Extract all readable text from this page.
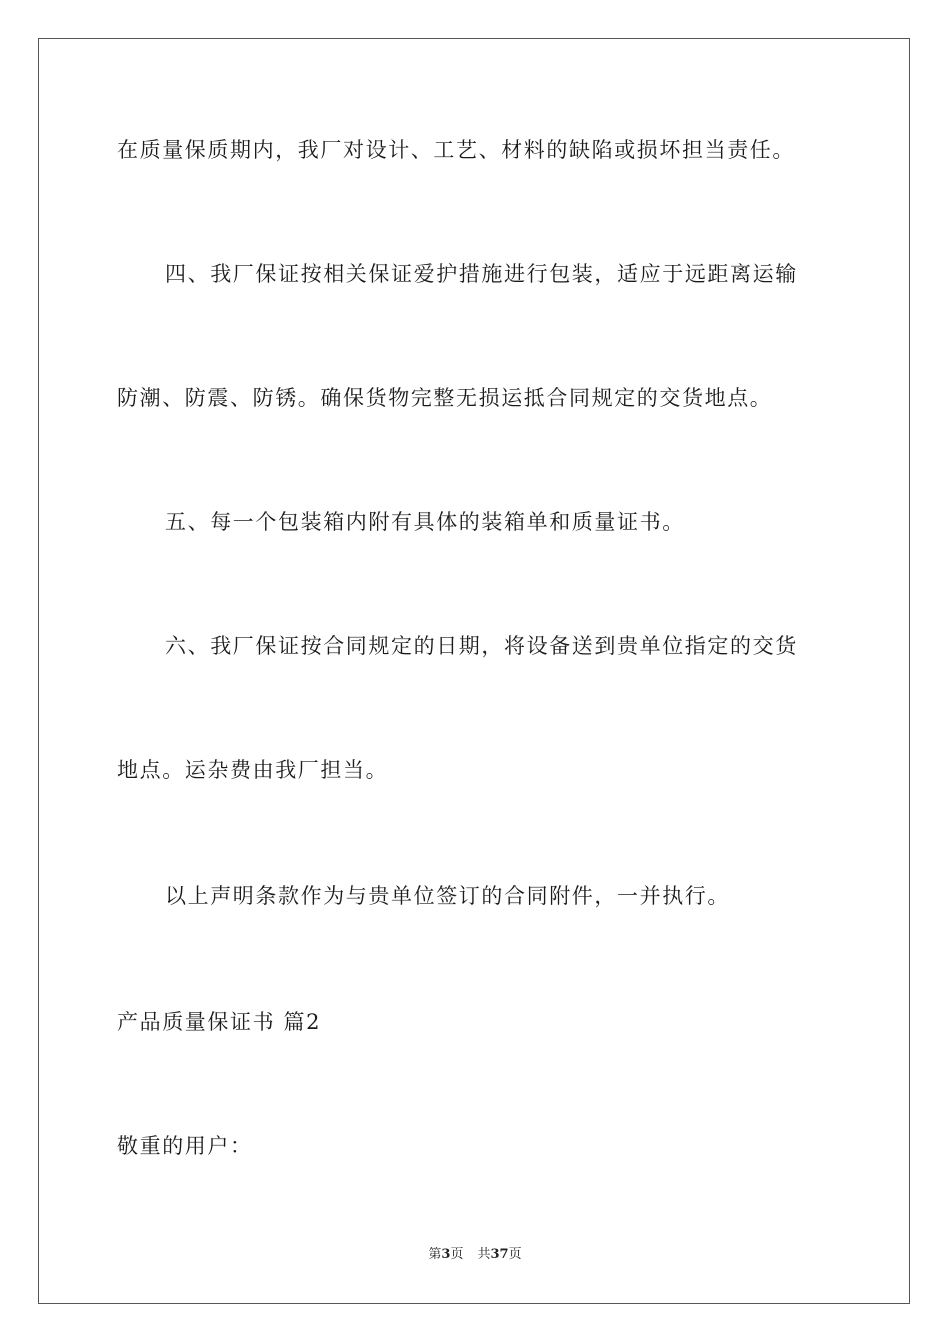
在质量保质期内，我厂对设计、工艺、材料的缺陷或损坏担当责任。
四、我厂保证按相关保证爱护措施进行包装，适应于远距离运输
防潮、防震、防锈。确保货物完整无损运抵合同规定的交货地点。
五、每一个包装箱内附有具体的装箱单和质量证书。
六、我厂保证按合同规定的日期，将设备送到贵单位指定的交货
地点。运杂费由我厂担当。
以上声明条款作为与贵单位签订的合同附件，一并执行。
产品质量保证书 篇2
敬重的用户：
第3页 共37页
